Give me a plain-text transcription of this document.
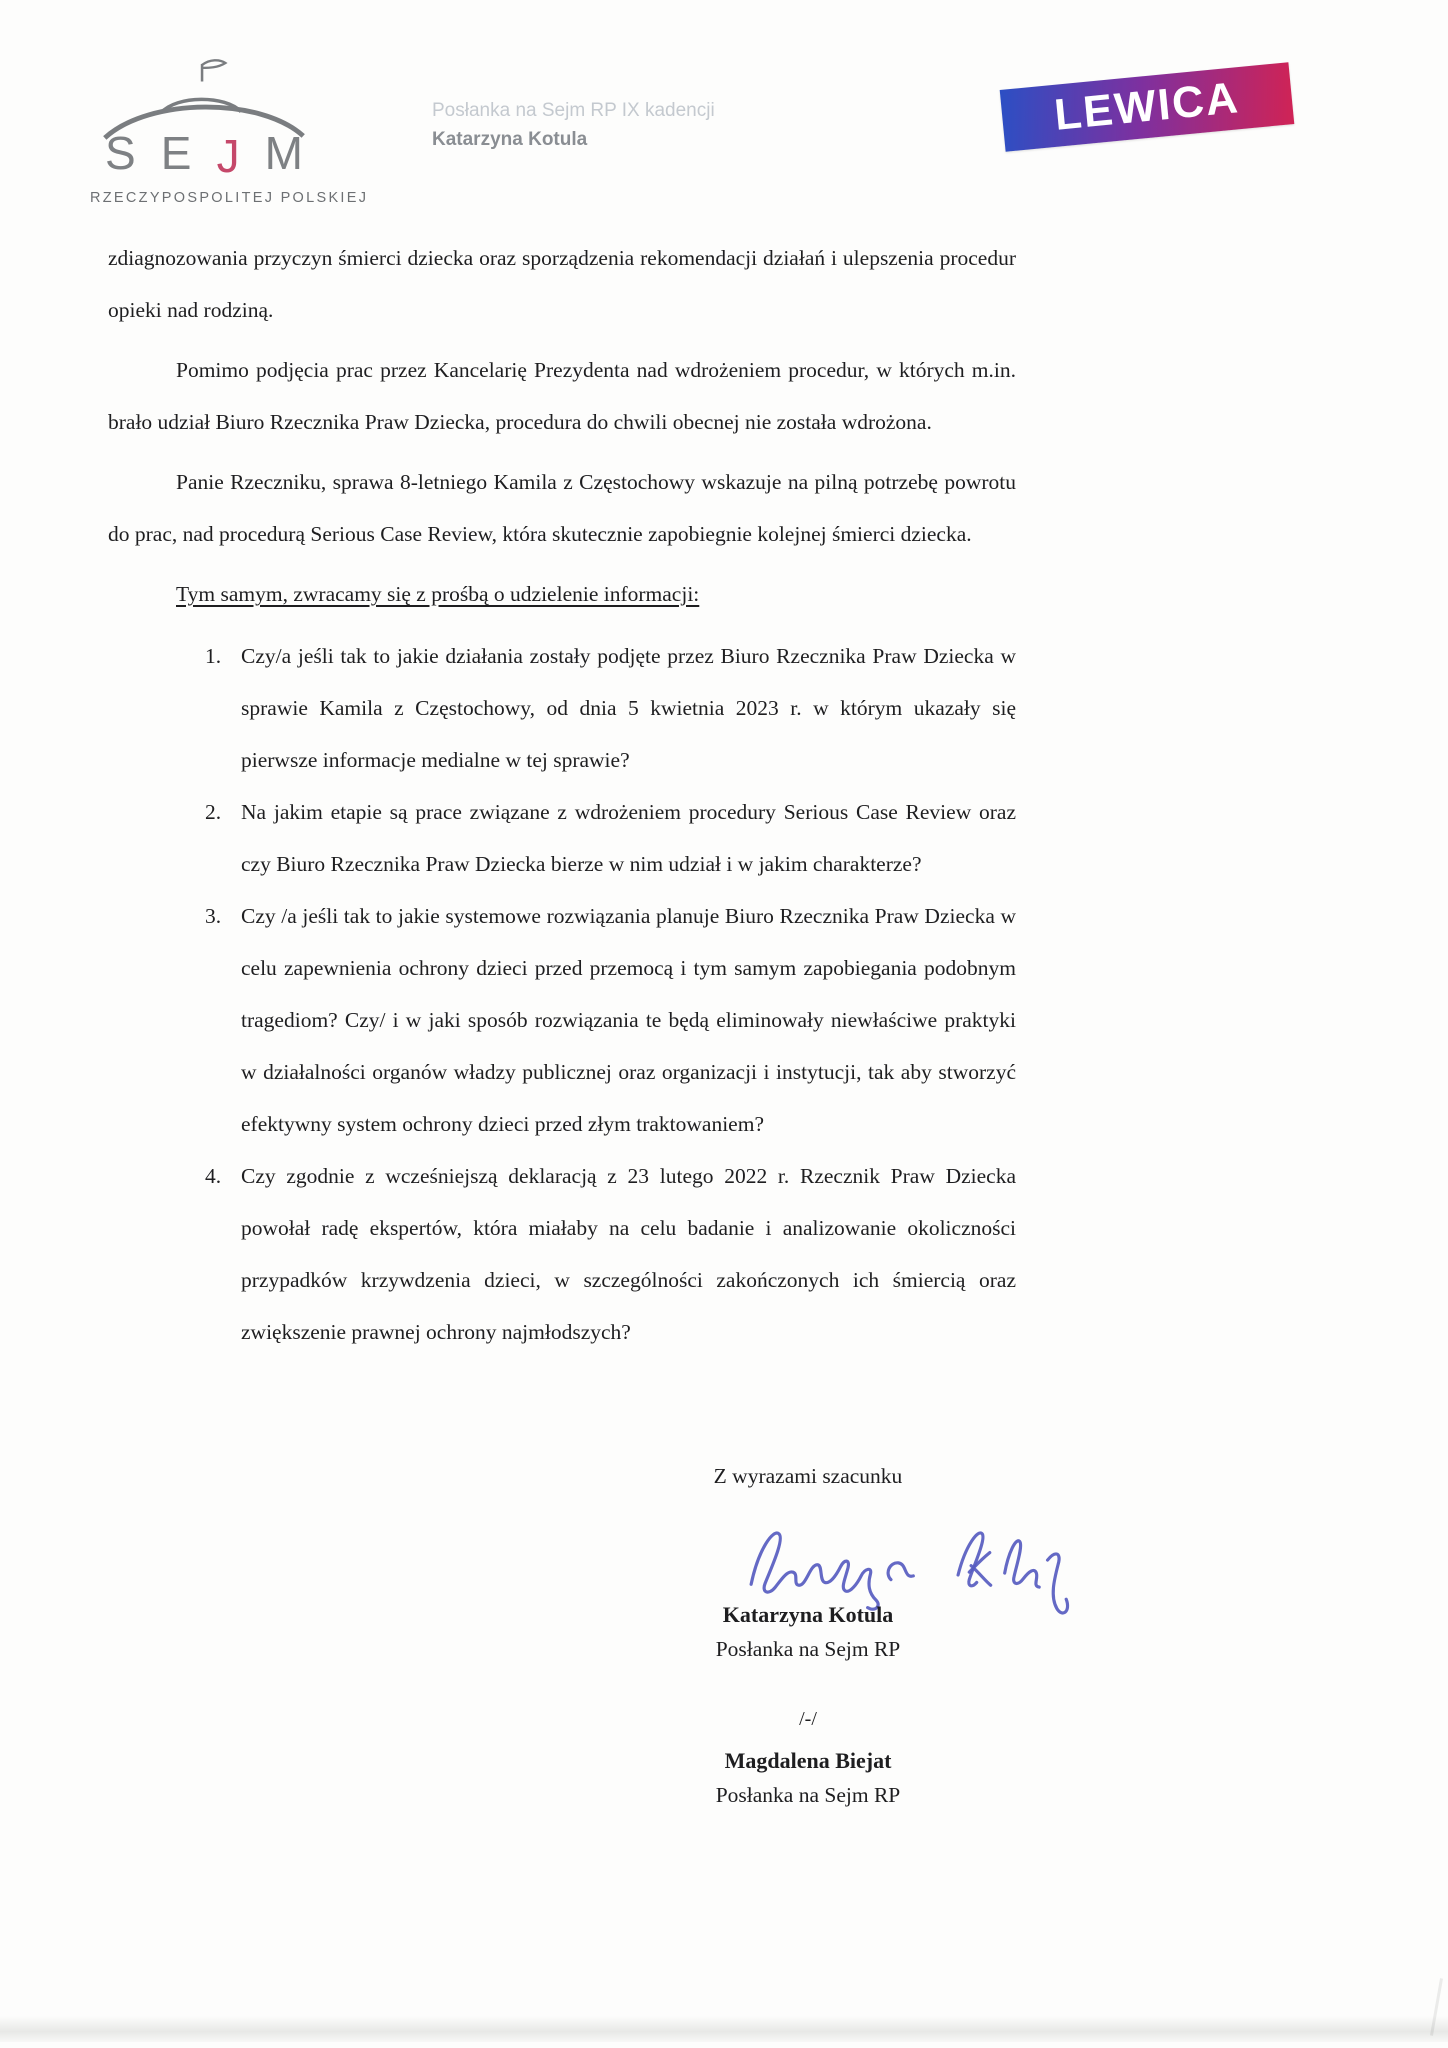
S E J M
RZECZYPOSPOLITEJ POLSKIEJ
Posłanka na Sejm RP IX kadencji
Katarzyna Kotula	LEWICA

zdiagnozowania przyczyn śmierci dziecka oraz sporządzenia rekomendacji działań i ulepszenia procedur opieki nad rodziną.

Pomimo podjęcia prac przez Kancelarię Prezydenta nad wdrożeniem procedur, w których m.in. brało udział Biuro Rzecznika Praw Dziecka, procedura do chwili obecnej nie została wdrożona.

Panie Rzeczniku, sprawa 8-letniego Kamila z Częstochowy wskazuje na pilną potrzebę powrotu do prac, nad procedurą Serious Case Review, która skutecznie zapobiegnie kolejnej śmierci dziecka.

Tym samym, zwracamy się z prośbą o udzielenie informacji:
1. Czy/a jeśli tak to jakie działania zostały podjęte przez Biuro Rzecznika Praw Dziecka w sprawie Kamila z Częstochowy, od dnia 5 kwietnia 2023 r. w którym ukazały się pierwsze informacje medialne w tej sprawie?
2. Na jakim etapie są prace związane z wdrożeniem procedury Serious Case Review oraz czy Biuro Rzecznika Praw Dziecka bierze w nim udział i w jakim charakterze?
3. Czy /a jeśli tak to jakie systemowe rozwiązania planuje Biuro Rzecznika Praw Dziecka w celu zapewnienia ochrony dzieci przed przemocą i tym samym zapobiegania podobnym tragediom? Czy/ i w jaki sposób rozwiązania te będą eliminowały niewłaściwe praktyki w działalności organów władzy publicznej oraz organizacji i instytucji, tak aby stworzyć efektywny system ochrony dzieci przed złym traktowaniem?
4. Czy zgodnie z wcześniejszą deklaracją z 23 lutego 2022 r. Rzecznik Praw Dziecka powołał radę ekspertów, która miałaby na celu badanie i analizowanie okoliczności przypadków krzywdzenia dzieci, w szczególności zakończonych ich śmiercią oraz zwiększenie prawnej ochrony najmłodszych?
Z wyrazami szacunku
Katarzyna Kotula
Posłanka na Sejm RP
/-/
Magdalena Biejat
Posłanka na Sejm RP
